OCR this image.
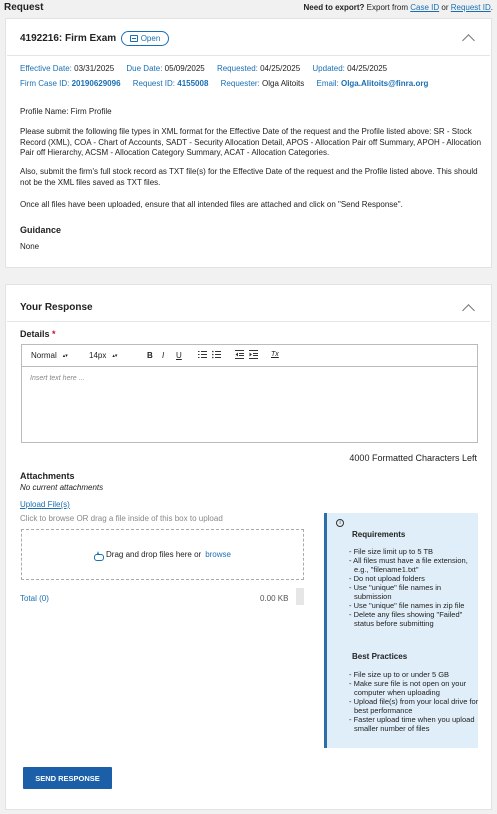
Request	Need to export? Export from Case ID or Request ID.
4192216: Firm Exam	Open
Effective Date: 03/31/2025 Due Date: 05/09/2025 Requested: 04/25/2025 Updated: 04/25/2025
Firm Case ID: 20190629096 Request ID: 4155008 Requester: Olga Alitoits Email: Olga.Alitoits@finra.org
Profile Name: Firm Profile
Please submit the following file types in XML format for the Effective Date of the request and the Profile listed above: SR - Stock Record (XML), COA - Chart of Accounts, SADT - Security Allocation Detail, APOS - Allocation Pair off Summary, APOH - Allocation Pair off Hierarchy, ACSM - Allocation Category Summary, ACAT - Allocation Categories.
Also, submit the firm's full stock record as TXT file(s) for the Effective Date of the request and the Profile listed above. This should not be the XML files saved as TXT files.
Once all files have been uploaded, ensure that all intended files are attached and click on "Send Response".
Guidance
None
Your Response
Details *
Normal ▴▾	14px ▴▾	B I U	Tx
Insert text here ...
4000 Formatted Characters Left
Attachments
No current attachments
Upload File(s)
Click to browse OR drag a file inside of this box to upload
Drag and drop files here or browse
Total (0)	0.00 KB
i
Requirements
- File size limit up to 5 TB
- All files must have a file extension, e.g., "filename1.txt"
- Do not upload folders
- Use "unique" file names in submission
- Use "unique" file names in zip file
- Delete any files showing "Failed" status before submitting
Best Practices
- File size up to or under 5 GB
- Make sure file is not open on your computer when uploading
- Upload file(s) from your local drive for best performance
- Faster upload time when you upload smaller number of files
SEND RESPONSE
